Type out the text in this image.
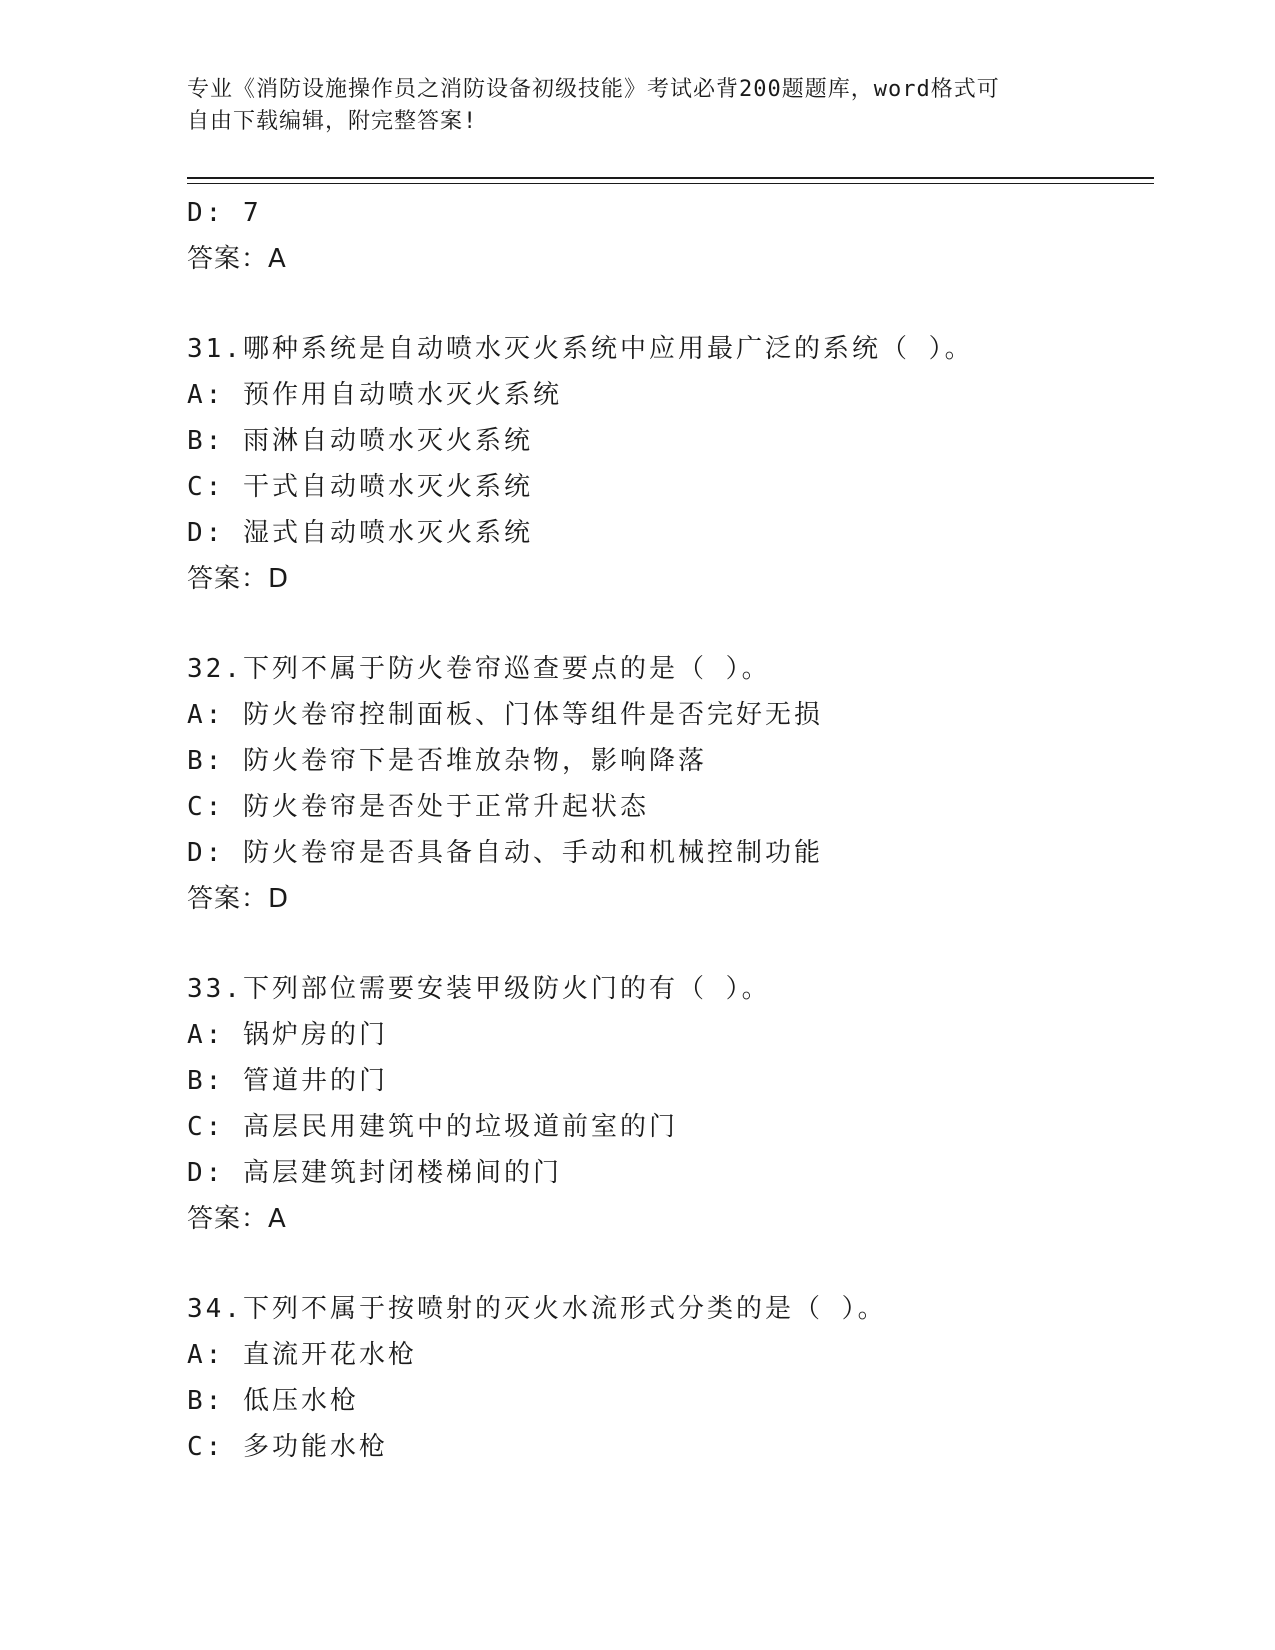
专业《消防设施操作员之消防设备初级技能》考试必背200题题库，word格式可
自由下载编辑，附完整答案!
D: 7
答案：A
31.哪种系统是自动喷水灭火系统中应用最广泛的系统（ ）。
A: 预作用自动喷水灭火系统
B: 雨淋自动喷水灭火系统
C: 干式自动喷水灭火系统
D: 湿式自动喷水灭火系统
答案：D
32.下列不属于防火卷帘巡查要点的是（ ）。
A: 防火卷帘控制面板、门体等组件是否完好无损
B: 防火卷帘下是否堆放杂物，影响降落
C: 防火卷帘是否处于正常升起状态
D: 防火卷帘是否具备自动、手动和机械控制功能
答案：D
33.下列部位需要安装甲级防火门的有（ ）。
A: 锅炉房的门
B: 管道井的门
C: 高层民用建筑中的垃圾道前室的门
D: 高层建筑封闭楼梯间的门
答案：A
34.下列不属于按喷射的灭火水流形式分类的是（ ）。
A: 直流开花水枪
B: 低压水枪
C: 多功能水枪
